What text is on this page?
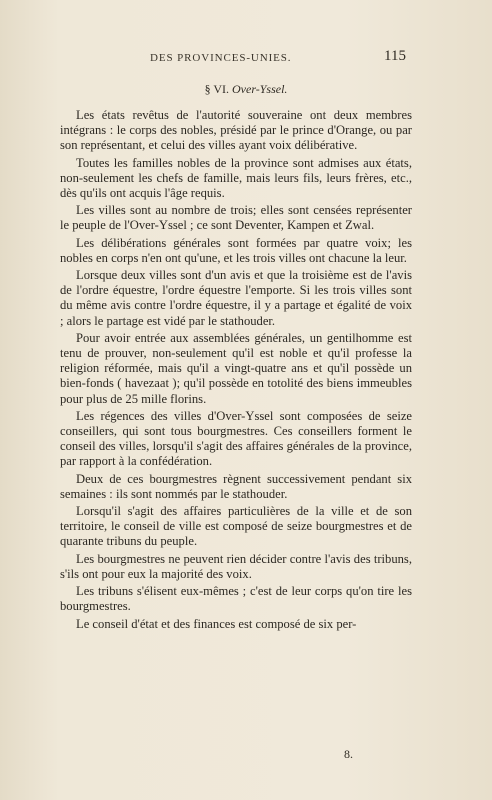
DES PROVINCES-UNIES.	115
§ VI. Over-Yssel.

Les états revêtus de l'autorité souveraine ont deux membres intégrans : le corps des nobles, présidé par le prince d'Orange, ou par son représentant, et celui des villes ayant voix délibérative.

Toutes les familles nobles de la province sont admises aux états, non-seulement les chefs de famille, mais leurs fils, leurs frères, etc., dès qu'ils ont acquis l'âge requis.

Les villes sont au nombre de trois; elles sont censées représenter le peuple de l'Over-Yssel ; ce sont Deventer, Kampen et Zwal.

Les délibérations générales sont formées par quatre voix; les nobles en corps n'en ont qu'une, et les trois villes ont chacune la leur.

Lorsque deux villes sont d'un avis et que la troisième est de l'avis de l'ordre équestre, l'ordre équestre l'emporte. Si les trois villes sont du même avis contre l'ordre équestre, il y a partage et égalité de voix ; alors le partage est vidé par le stathouder.

Pour avoir entrée aux assemblées générales, un gentilhomme est tenu de prouver, non-seulement qu'il est noble et qu'il professe la religion réformée, mais qu'il a vingt-quatre ans et qu'il possède un bien-fonds ( havezaat ); qu'il possède en totolité des biens immeubles pour plus de 25 mille florins.

Les régences des villes d'Over-Yssel sont composées de seize conseillers, qui sont tous bourgmestres. Ces conseillers forment le conseil des villes, lorsqu'il s'agit des affaires générales de la province, par rapport à la confédération.

Deux de ces bourgmestres règnent successivement pendant six semaines : ils sont nommés par le stathouder.

Lorsqu'il s'agit des affaires particulières de la ville et de son territoire, le conseil de ville est composé de seize bourgmestres et de quarante tribuns du peuple.

Les bourgmestres ne peuvent rien décider contre l'avis des tribuns, s'ils ont pour eux la majorité des voix.

Les tribuns s'élisent eux-mêmes ; c'est de leur corps qu'on tire les bourgmestres.

Le conseil d'état et des finances est composé de six per-

8.
